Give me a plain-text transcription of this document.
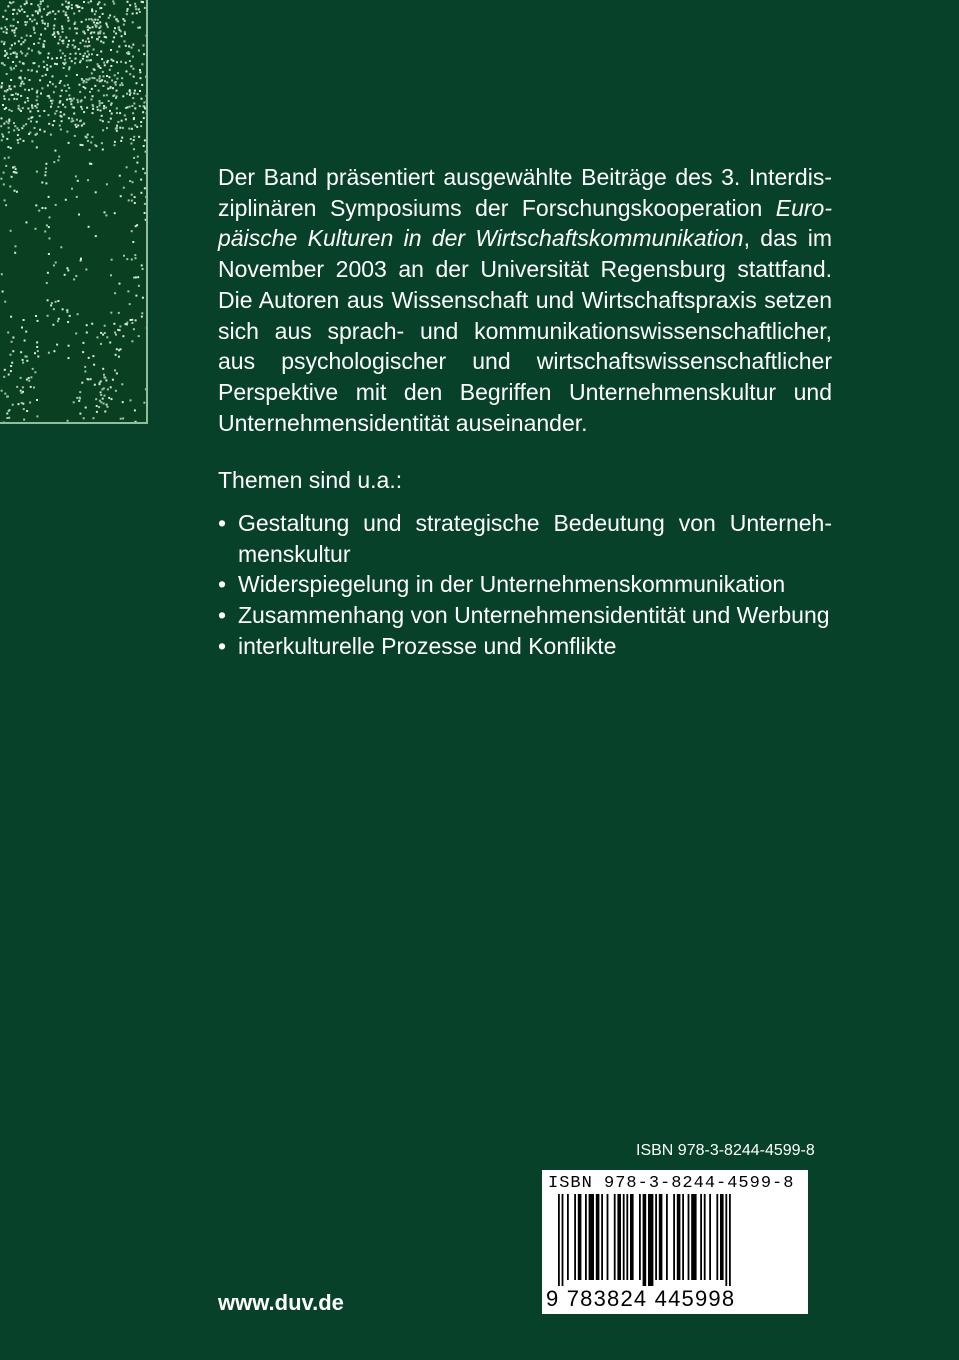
Der Band präsentiert ausgewählte Beiträge des 3. Interdis-
ziplinären Symposiums der Forschungskooperation Euro-
päische Kulturen in der Wirtschaftskommunikation, das im
November 2003 an der Universität Regensburg stattfand.
Die Autoren aus Wissenschaft und Wirtschaftspraxis setzen
sich aus sprach- und kommunikationswissenschaftlicher,
aus psychologischer und wirtschaftswissenschaftlicher
Perspektive mit den Begriffen Unternehmenskultur und
Unternehmensidentität auseinander.
Themen sind u.a.:
• Gestaltung und strategische Bedeutung von Unterneh-
menskultur
• Widerspiegelung in der Unternehmenskommunikation
• Zusammenhang von Unternehmensidentität und Werbung
• interkulturelle Prozesse und Konflikte
ISBN 978-3-8244-4599-8
ISBN 978-3-8244-4599-8
9 783824 445998
www.duv.de
